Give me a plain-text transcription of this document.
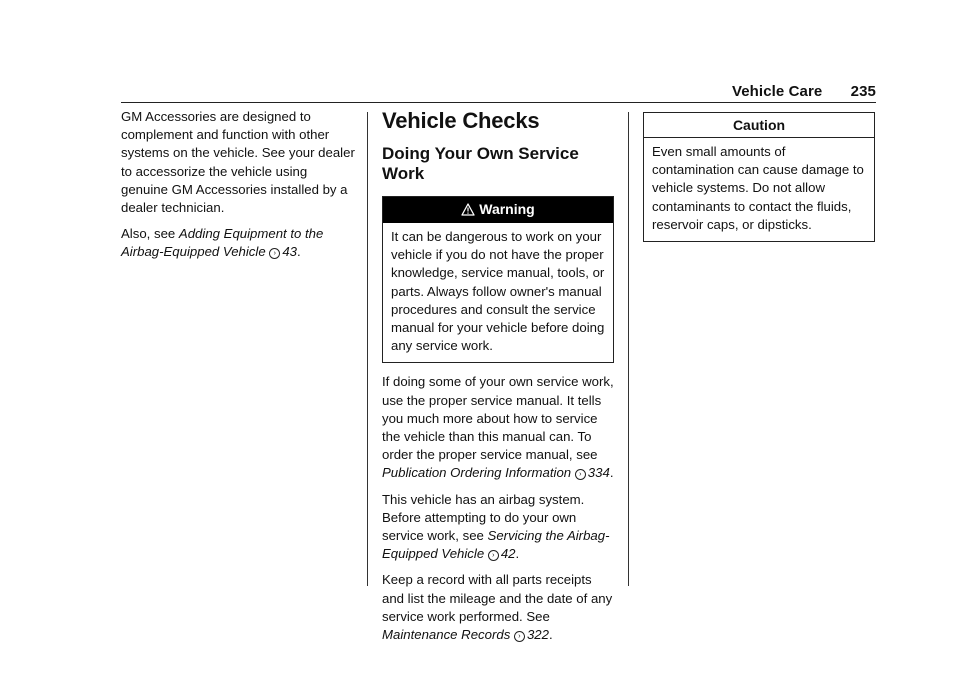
Vehicle Care 235

GM Accessories are designed to complement and function with other systems on the vehicle. See your dealer to accessorize the vehicle using genuine GM Accessories installed by a dealer technician.

Also, see Adding Equipment to the Airbag-Equipped Vehicle › 43.

Vehicle Checks
Doing Your Own Service Work
Warning
It can be dangerous to work on your vehicle if you do not have the proper knowledge, service manual, tools, or parts. Always follow owner's manual procedures and consult the service manual for your vehicle before doing any service work.

If doing some of your own service work, use the proper service manual. It tells you much more about how to service the vehicle than this manual can. To order the proper service manual, see Publication Ordering Information › 334.

This vehicle has an airbag system. Before attempting to do your own service work, see Servicing the Airbag-Equipped Vehicle › 42.

Keep a record with all parts receipts and list the mileage and the date of any service work performed. See Maintenance Records › 322.

Caution
Even small amounts of contamination can cause damage to vehicle systems. Do not allow contaminants to contact the fluids, reservoir caps, or dipsticks.
